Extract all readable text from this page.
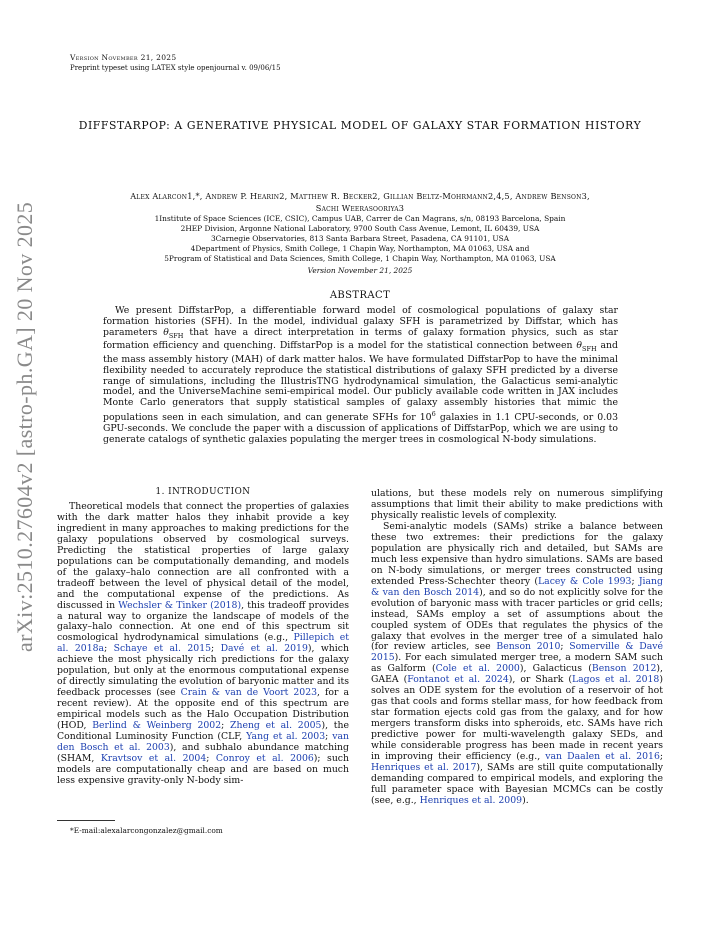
arXiv:2510.27604v2 [astro-ph.GA] 20 Nov 2025
Version November 21, 2025
Preprint typeset using LATEX style openjournal v. 09/06/15
DIFFSTARPOP: A GENERATIVE PHYSICAL MODEL OF GALAXY STAR FORMATION HISTORY
Alex Alarcon1,*, Andrew P. Hearin2, Matthew R. Becker2, Gillian Beltz-Mohrmann2,4,5, Andrew Benson3,
Sachi Weerasooriya3
1Institute of Space Sciences (ICE, CSIC), Campus UAB, Carrer de Can Magrans, s/n, 08193 Barcelona, Spain
2HEP Division, Argonne National Laboratory, 9700 South Cass Avenue, Lemont, IL 60439, USA
3Carnegie Observatories, 813 Santa Barbara Street, Pasadena, CA 91101, USA
4Department of Physics, Smith College, 1 Chapin Way, Northampton, MA 01063, USA and
5Program of Statistical and Data Sciences, Smith College, 1 Chapin Way, Northampton, MA 01063, USA
Version November 21, 2025
ABSTRACT
We present DiffstarPop, a differentiable forward model of cosmological populations of galaxy star formation histories (SFH). In the model, individual galaxy SFH is parametrized by Diffstar, which has parameters $\theta_{SFH}$ that have a direct interpretation in terms of galaxy formation physics, such as star formation efficiency and quenching. DiffstarPop is a model for the statistical connection between $\theta_{SFH}$ and the mass assembly history (MAH) of dark matter halos. We have formulated DiffstarPop to have the minimal flexibility needed to accurately reproduce the statistical distributions of galaxy SFH predicted by a diverse range of simulations, including the IllustrisTNG hydrodynamical simulation, the Galacticus semi-analytic model, and the UniverseMachine semi-empirical model. Our publicly available code written in JAX includes Monte Carlo generators that supply statistical samples of galaxy assembly histories that mimic the populations seen in each simulation, and can generate SFHs for $10^6$ galaxies in 1.1 CPU-seconds, or 0.03 GPU-seconds. We conclude the paper with a discussion of applications of DiffstarPop, which we are using to generate catalogs of synthetic galaxies populating the merger trees in cosmological N-body simulations.
1. INTRODUCTION
Theoretical models that connect the properties of galaxies with the dark matter halos they inhabit provide a key ingredient in many approaches to making predictions for the galaxy populations observed by cosmological surveys. Predicting the statistical properties of large galaxy populations can be computationally demanding, and models of the galaxy–halo connection are all confronted with a tradeoff between the level of physical detail of the model, and the computational expense of the predictions. As discussed in Wechsler & Tinker (2018), this tradeoff provides a natural way to organize the landscape of models of the galaxy–halo connection. At one end of this spectrum sit cosmological hydrodynamical simulations (e.g., Pillepich et al. 2018a; Schaye et al. 2015; Davé et al. 2019), which achieve the most physically rich predictions for the galaxy population, but only at the enormous computational expense of directly simulating the evolution of baryonic matter and its feedback processes (see Crain & van de Voort 2023, for a recent review). At the opposite end of this spectrum are empirical models such as the Halo Occupation Distribution (HOD, Berlind & Weinberg 2002; Zheng et al. 2005), the Conditional Luminosity Function (CLF, Yang et al. 2003; van den Bosch et al. 2003), and subhalo abundance matching (SHAM, Kravtsov et al. 2004; Conroy et al. 2006); such models are computationally cheap and are based on much less expensive gravity-only N-body sim-
ulations, but these models rely on numerous simplifying assumptions that limit their ability to make predictions with physically realistic levels of complexity.
Semi-analytic models (SAMs) strike a balance between these two extremes: their predictions for the galaxy population are physically rich and detailed, but SAMs are much less expensive than hydro simulations. SAMs are based on N-body simulations, or merger trees constructed using extended Press-Schechter theory (Lacey & Cole 1993; Jiang & van den Bosch 2014), and so do not explicitly solve for the evolution of baryonic mass with tracer particles or grid cells; instead, SAMs employ a set of assumptions about the coupled system of ODEs that regulates the physics of the galaxy that evolves in the merger tree of a simulated halo (for review articles, see Benson 2010; Somerville & Davé 2015). For each simulated merger tree, a modern SAM such as Galform (Cole et al. 2000), Galacticus (Benson 2012), GAEA (Fontanot et al. 2024), or Shark (Lagos et al. 2018) solves an ODE system for the evolution of a reservoir of hot gas that cools and forms stellar mass, for how feedback from star formation ejects cold gas from the galaxy, and for how mergers transform disks into spheroids, etc. SAMs have rich predictive power for multi-wavelength galaxy SEDs, and while considerable progress has been made in recent years in improving their efficiency (e.g., van Daalen et al. 2016; Henriques et al. 2017), SAMs are still quite computationally demanding compared to empirical models, and exploring the full parameter space with Bayesian MCMCs can be costly (see, e.g., Henriques et al. 2009).
*E-mail:alexalarcongonzalez@gmail.com
